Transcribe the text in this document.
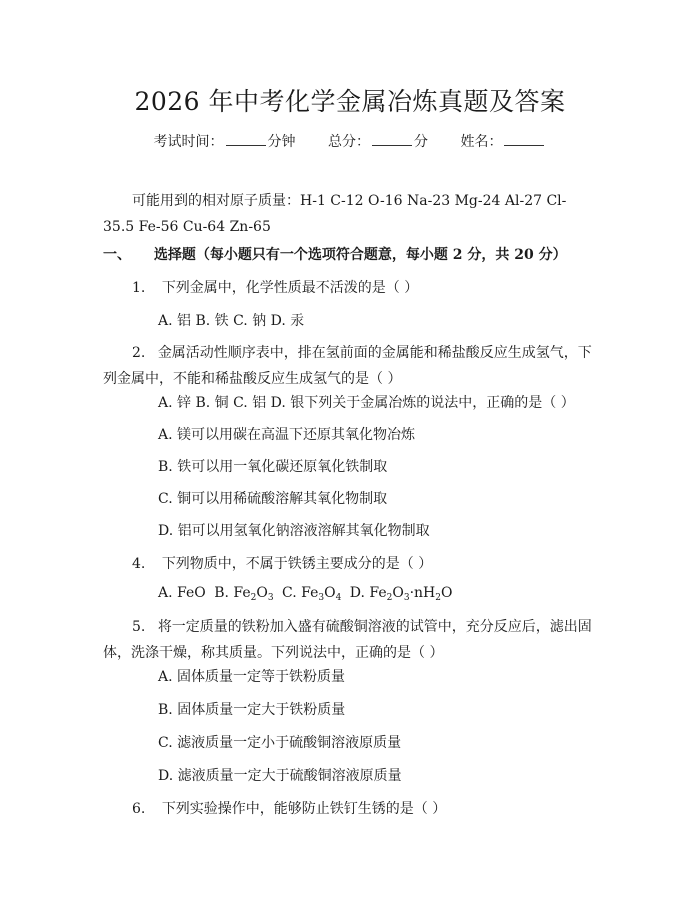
2026 年中考化学金属冶炼真题及答案
考试时间：	分钟 总分：	分 姓名：
可能用到的相对原子质量：H-1 C-12 O-16 Na-23 Mg-24 Al-27 Cl-35.5 Fe-56 Cu-64 Zn-65
一、 选择题（每小题只有一个选项符合题意，每小题 2 分，共 20 分）
1. 下列金属中，化学性质最不活泼的是（ ）
A. 铝 B. 铁 C. 钠 D. 汞
2. 金属活动性顺序表中，排在氢前面的金属能和稀盐酸反应生成氢气，下列金属中，不能和稀盐酸反应生成氢气的是（ ）
A. 锌 B. 铜 C. 铝 D. 银下列关于金属冶炼的说法中，正确的是（ ）
A. 镁可以用碳在高温下还原其氧化物冶炼
B. 铁可以用一氧化碳还原氧化铁制取
C. 铜可以用稀硫酸溶解其氧化物制取
D. 铝可以用氢氧化钠溶液溶解其氧化物制取
4. 下列物质中，不属于铁锈主要成分的是（ ）
A. FeO B. $Fe_2O_3$ C. $Fe_3O_4$ D. $Fe_2O_3\cdot nH_2O$
5. 将一定质量的铁粉加入盛有硫酸铜溶液的试管中，充分反应后，滤出固体，洗涤干燥，称其质量。下列说法中，正确的是（ ）
A. 固体质量一定等于铁粉质量
B. 固体质量一定大于铁粉质量
C. 滤液质量一定小于硫酸铜溶液原质量
D. 滤液质量一定大于硫酸铜溶液原质量
6. 下列实验操作中，能够防止铁钉生锈的是（ ）
